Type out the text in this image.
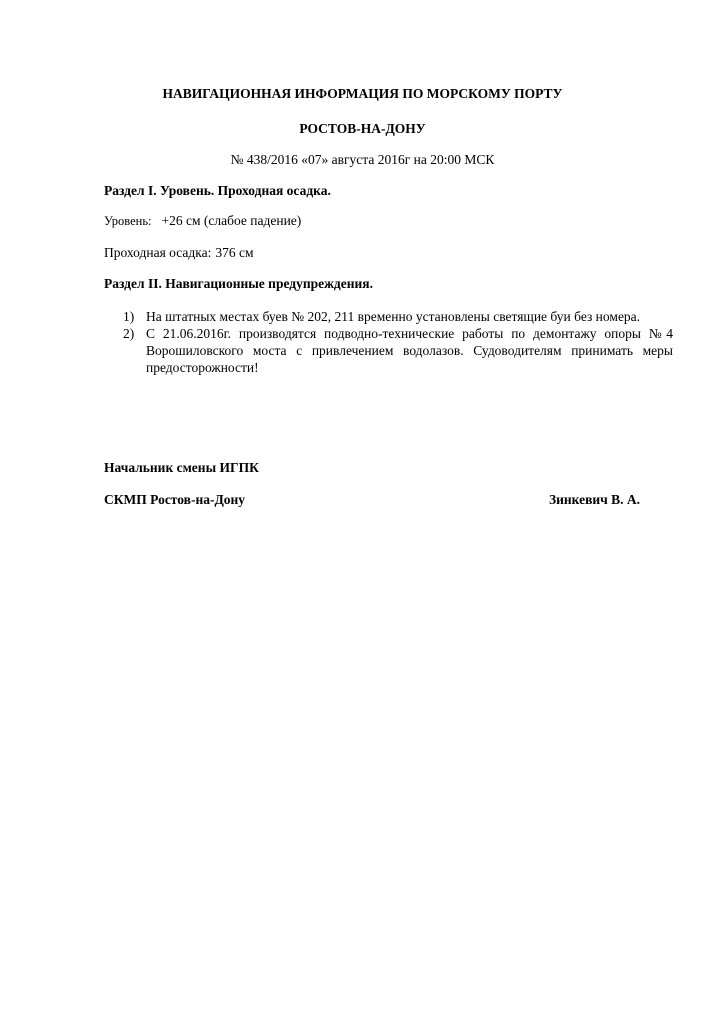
НАВИГАЦИОННАЯ ИНФОРМАЦИЯ ПО МОРСКОМУ ПОРТУ
РОСТОВ-НА-ДОНУ
№ 438/2016 «07» августа 2016г на 20:00 МСК
Раздел I. Уровень. Проходная осадка.
Уровень: +26 см (слабое падение)
Проходная осадка: 376 см
Раздел II. Навигационные предупреждения.
1) На штатных местах буев № 202, 211 временно установлены светящие буи без номера.
2) С 21.06.2016г. производятся подводно-технические работы по демонтажу опоры №4 Ворошиловского моста с привлечением водолазов. Судоводителям принимать меры предосторожности!
Начальник смены ИГПК
СКМП Ростов-на-Дону	Зинкевич В. А.
